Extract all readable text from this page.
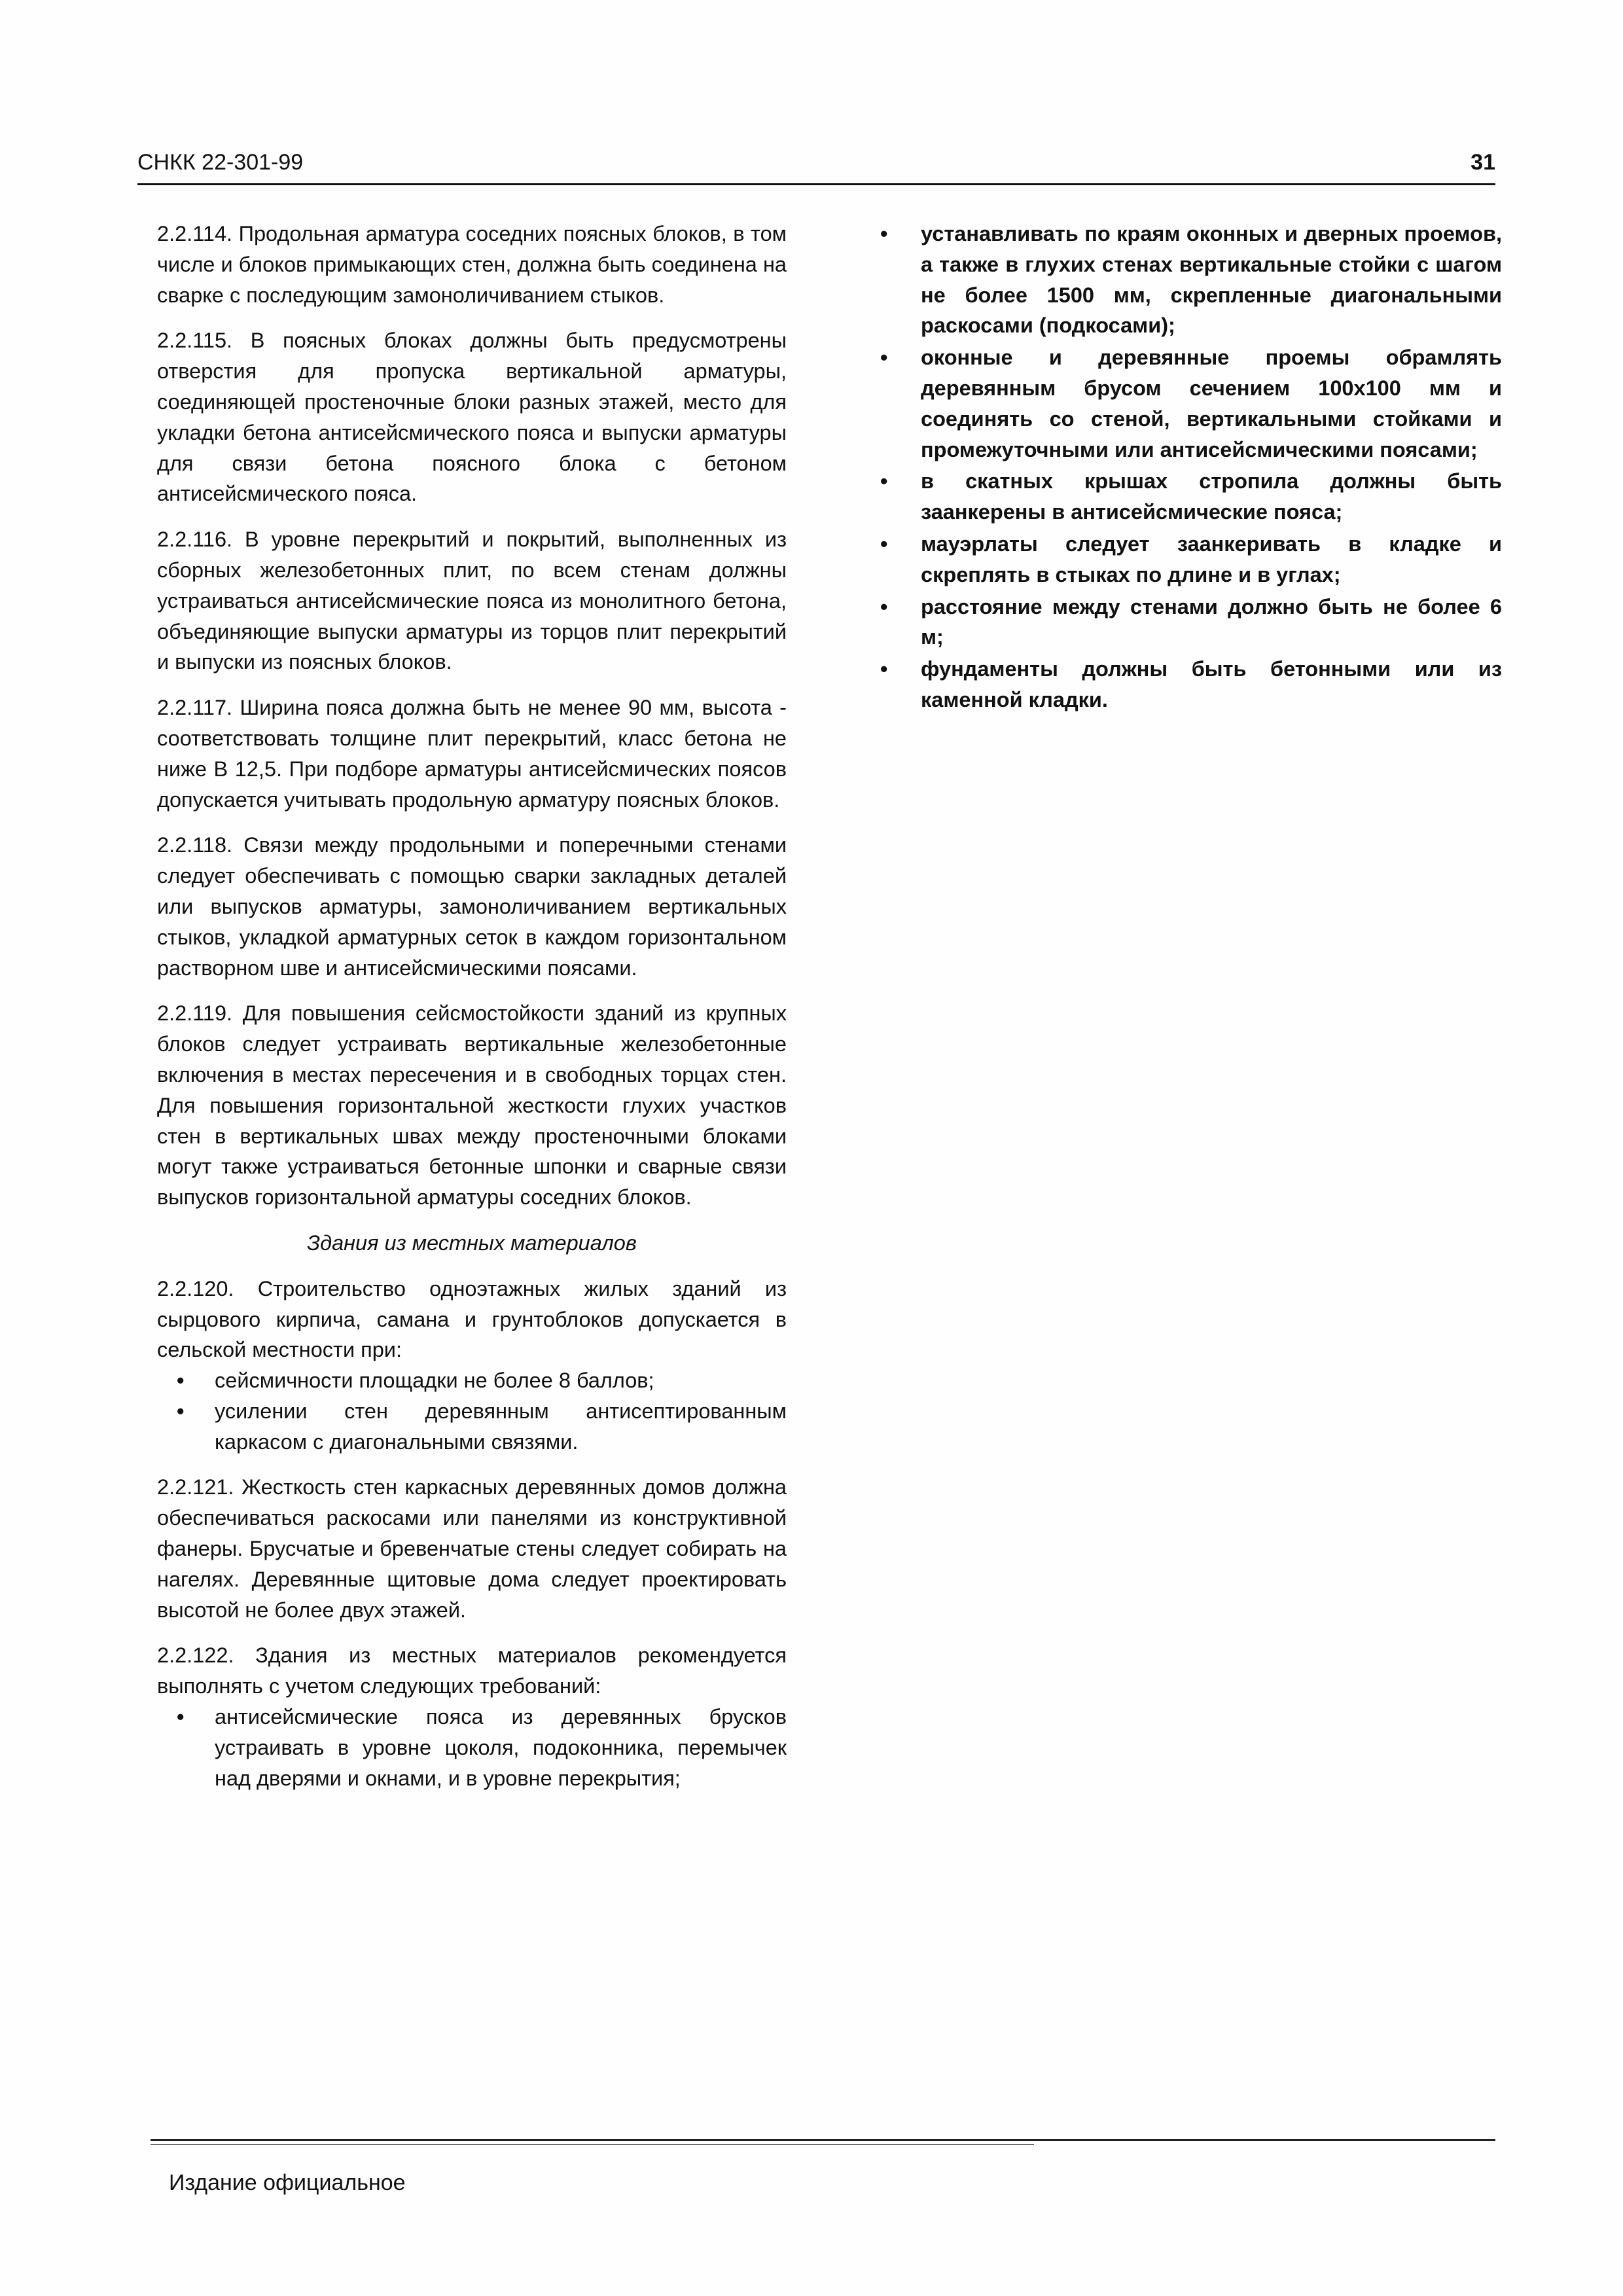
СНКК 22-301-99	31

2.2.114. Продольная арматура соседних поясных блоков, в том числе и блоков примыкающих стен, должна быть соединена на сварке с последующим замоноличиванием стыков.

2.2.115. В поясных блоках должны быть предусмотрены отверстия для пропуска вертикальной арматуры, соединяющей простеночные блоки разных этажей, место для укладки бетона антисейсмического пояса и выпуски арматуры для связи бетона поясного блока с бетоном антисейсмического пояса.

2.2.116. В уровне перекрытий и покрытий, выполненных из сборных железобетонных плит, по всем стенам должны устраиваться антисейсмические пояса из монолитного бетона, объединяющие выпуски арматуры из торцов плит перекрытий и выпуски из поясных блоков.

2.2.117. Ширина пояса должна быть не менее 90 мм, высота - соответствовать толщине плит перекрытий, класс бетона не ниже В 12,5. При подборе арматуры антисейсмических поясов допускается учитывать продольную арматуру поясных блоков.

2.2.118. Связи между продольными и поперечными стенами следует обеспечивать с помощью сварки закладных деталей или выпусков арматуры, замоноличиванием вертикальных стыков, укладкой арматурных сеток в каждом горизонтальном растворном шве и антисейсмическими поясами.

2.2.119. Для повышения сейсмостойкости зданий из крупных блоков следует устраивать вертикальные железобетонные включения в местах пересечения и в свободных торцах стен. Для повышения горизонтальной жесткости глухих участков стен в вертикальных швах между простеночными блоками могут также устраиваться бетонные шпонки и сварные связи выпусков горизонтальной арматуры соседних блоков.

Здания из местных материалов

2.2.120. Строительство одноэтажных жилых зданий из сырцового кирпича, самана и грунтоблоков допускается в сельской местности при:

• сейсмичности площадки не более 8 баллов;
• усилении стен деревянным антисептированным каркасом с диагональными связями.

2.2.121. Жесткость стен каркасных деревянных домов должна обеспечиваться раскосами или панелями из конструктивной фанеры. Брусчатые и бревенчатые стены следует собирать на нагелях. Деревянные щитовые дома следует проектировать высотой не более двух этажей.

2.2.122. Здания из местных материалов рекомендуется выполнять с учетом следующих требований:

• антисейсмические пояса из деревянных брусков устраивать в уровне цоколя, подоконника, перемычек над дверями и окнами, и в уровне перекрытия;
• устанавливать по краям оконных и дверных проемов, а также в глухих стенах вертикальные стойки с шагом не более 1500 мм, скрепленные диагональными раскосами (подкосами);
• оконные и деревянные проемы обрамлять деревянным брусом сечением 100х100 мм и соединять со стеной, вертикальными стойками и промежуточными или антисейсмическими поясами;
• в скатных крышах стропила должны быть заанкерены в антисейсмические пояса;
• мауэрлаты следует заанкеривать в кладке и скреплять в стыках по длине и в углах;
• расстояние между стенами должно быть не более 6 м;
• фундаменты должны быть бетонными или из каменной кладки.
Издание официальное
